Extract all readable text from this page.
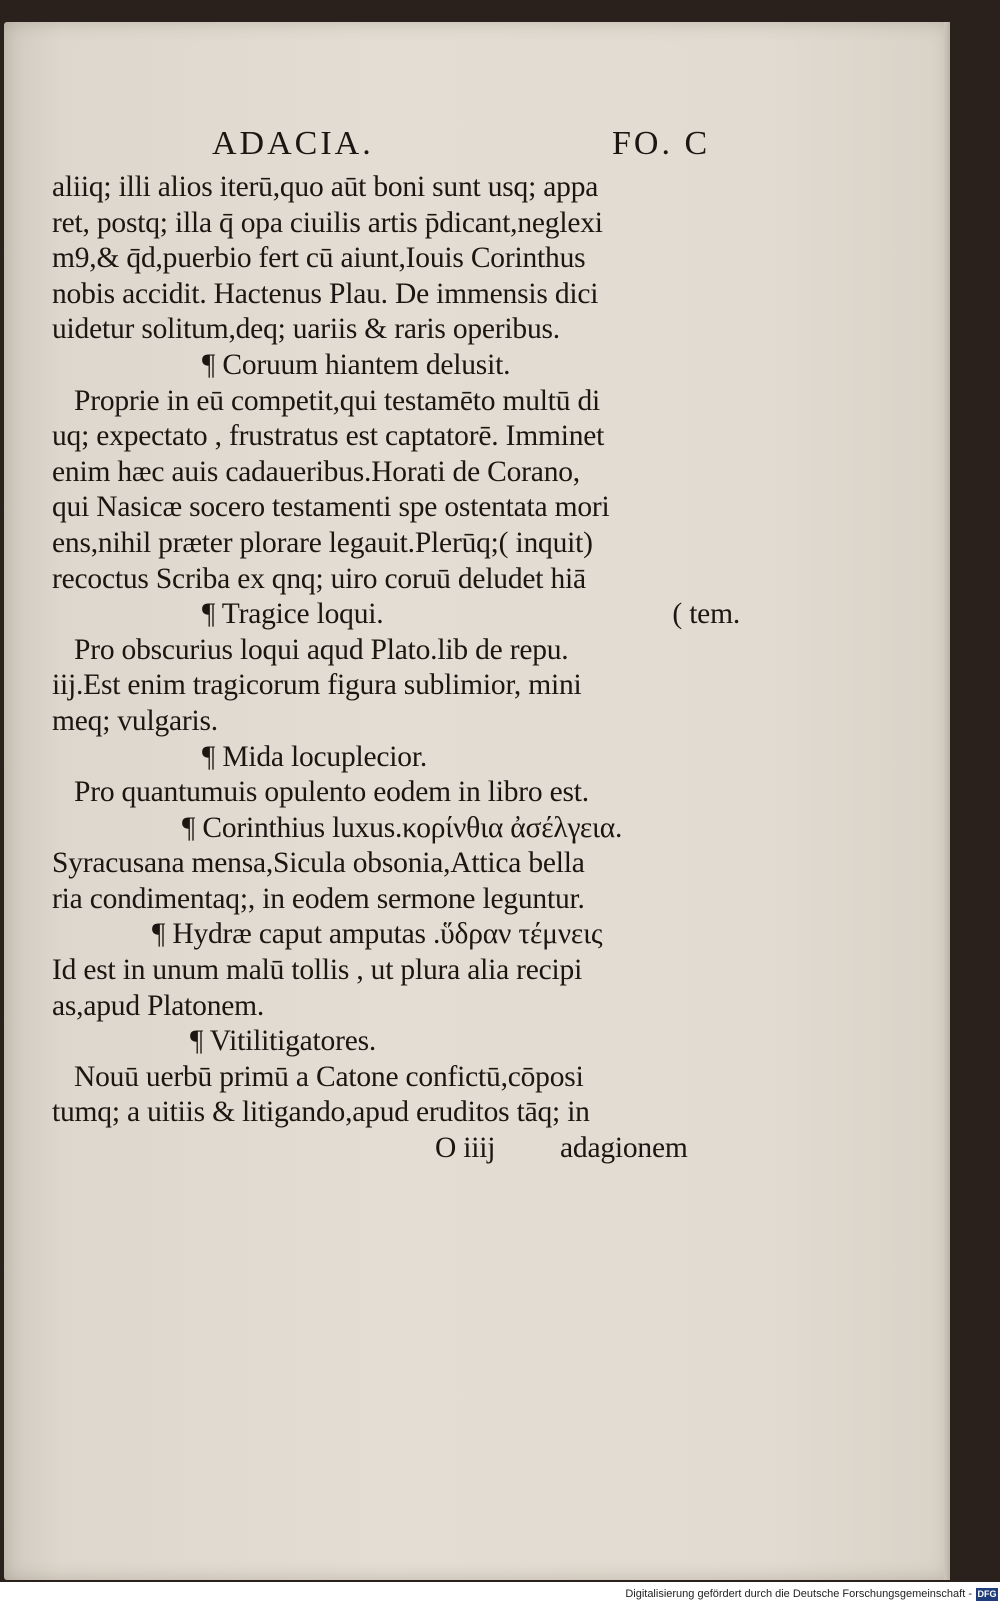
ADACIA.	FO. C
aliiq; illi alios iterū,quo aūt boni sunt usq; appa
ret, postq; illa q̄ opa ciuilis artis p̄dicant,neglexi
m9,& q̄d,puerbio fert cū aiunt,Iouis Corinthus
nobis accidit. Hactenus Plau. De immensis dici
uidetur solitum,deq; uariis & raris operibus.
¶ Coruum hiantem delusit.
Proprie in eū competit,qui testamēto multū di
uq; expectato , frustratus est captatorē. Imminet
enim hæc auis cadaueribus.Horati de Corano,
qui Nasicæ socero testamenti spe ostentata mori
ens,nihil præter plorare legauit.Plerūq;( inquit)
recoctus Scriba ex qnq; uiro coruū deludet hiā
¶ Tragice loqui.	( tem.
Pro obscurius loqui aqud Plato.lib de repu.
iij.Est enim tragicorum figura sublimior, mini
meq; vulgaris.
¶ Mida locuplecior.
Pro quantumuis opulento eodem in libro est.
¶ Corinthius luxus.κορίνθια ἀσέλγεια.
Syracusana mensa,Sicula obsonia,Attica bella
ria condimentaq;, in eodem sermone leguntur.
¶ Hydræ caput amputas .ὕδραν τέμνεις
Id est in unum malū tollis , ut plura alia recipi
as,apud Platonem.
¶ Vitilitigatores.
Nouū uerbū primū a Catone confictū,cōposi
tumq; a uitiis & litigando,apud eruditos tāq; in
O iiij adagionem
Digitalisierung gefördert durch die Deutsche Forschungsgemeinschaft - DFG
